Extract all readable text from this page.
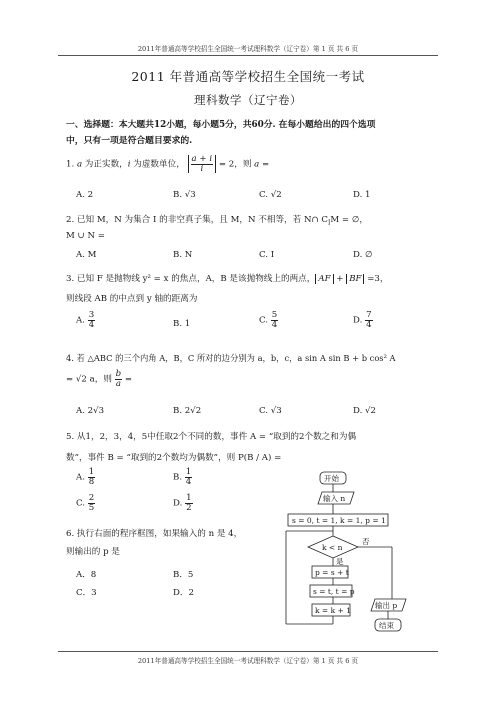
2011年普通高等学校招生全国统一考试理科数学（辽宁卷）第 1 页 共 6 页
2011 年普通高等学校招生全国统一考试
理科数学（辽宁卷）
一、选择题：本大题共12小题，每小题5分，共60分. 在每小题给出的四个选项
中，只有一项是符合题目要求的.
1. a 为正实数，i 为虚数单位， $\frac{a + i}{i} = 2$，则 a =
A. 2	B. √3	C. √2	D. 1
2. 已知 M，N 为集合 I 的非空真子集，且 M，N 不相等，若 N∩ $C_IM$ = ∅，
M ∪ N =
A. M	B. N	C. I	D. ∅
3. 已知 F 是抛物线 y² = x 的焦点，A，B 是该抛物线上的两点， AF + BF =3，
则线段 AB 的中点到 y 轴的距离为
A. $\frac{3}{4}$	B. 1	C. $\frac{5}{4}$	D. $\frac{7}{4}$
4. 若 △ABC 的三个内角 A，B，C 所对的边分别为 a，b，c，a sin A sin B + b cos² A
= √2 a，则 $\frac{b}{a}$ =
A. 2√3	B. 2√2	C. √3	D. √2
5. 从1，2，3，4，5中任取2个不同的数，事件 A = “取到的2个数之和为偶
数”，事件 B = “取到的2个数均为偶数”，则 P(B / A) =
A. $\frac{1}{8}$	B. $\frac{1}{4}$
C. $\frac{2}{5}$	D. $\frac{1}{2}$
6. 执行右面的程序框图，如果输入的 n 是 4，
则输出的 p 是
A．8	B．5
C．3	D．2
开始
输入 n
s = 0, t = 1, k = 1, p = 1
k < n
否
是
p = s + t
s = t, t = p
k = k + 1
输出 p
结束
2011年普通高等学校招生全国统一考试理科数学（辽宁卷）第 1 页 共 6 页
